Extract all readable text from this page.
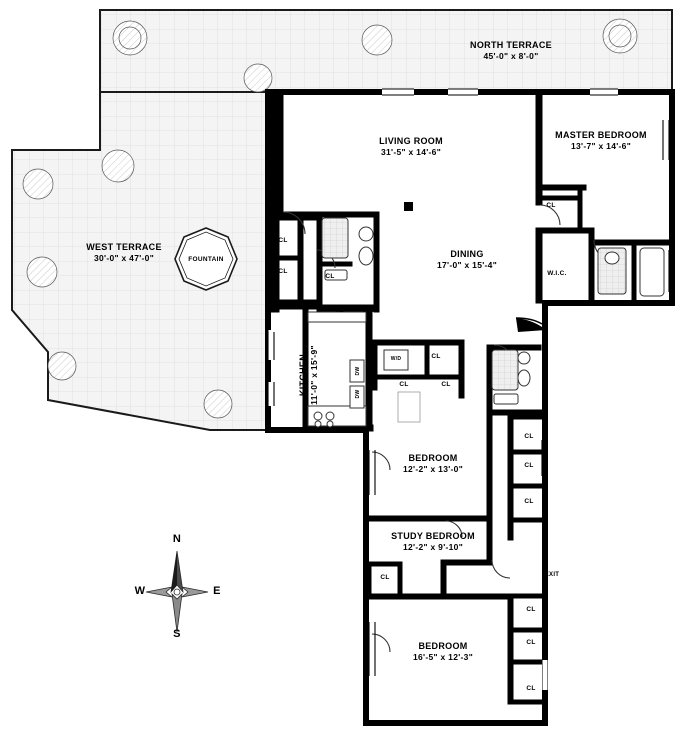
NORTH TERRACE
45'-0" x 8'-0"
LIVING ROOM
31'-5" x 14'-6"
MASTER BEDROOM
13'-7" x 14'-6"
WEST TERRACE
30'-0" x 47'-0"	DINING
17'-0" x 15'-4"
BEDROOM
12'-2" x 13'-0"
STUDY BEDROOM
12'-2" x 9'-10"
BEDROOM
16'-5" x 12'-3"
KITCHEN 11'-0" x 15'-9"
FOUNTAIN
W.I.C.
STEP
EXIT
REF	OVEN
W/D
DW
DW
CL
CL
CL
CL
CL
CL	CL
CL
CL
CL
CL
CL
CL
CL
N
S
W	E
